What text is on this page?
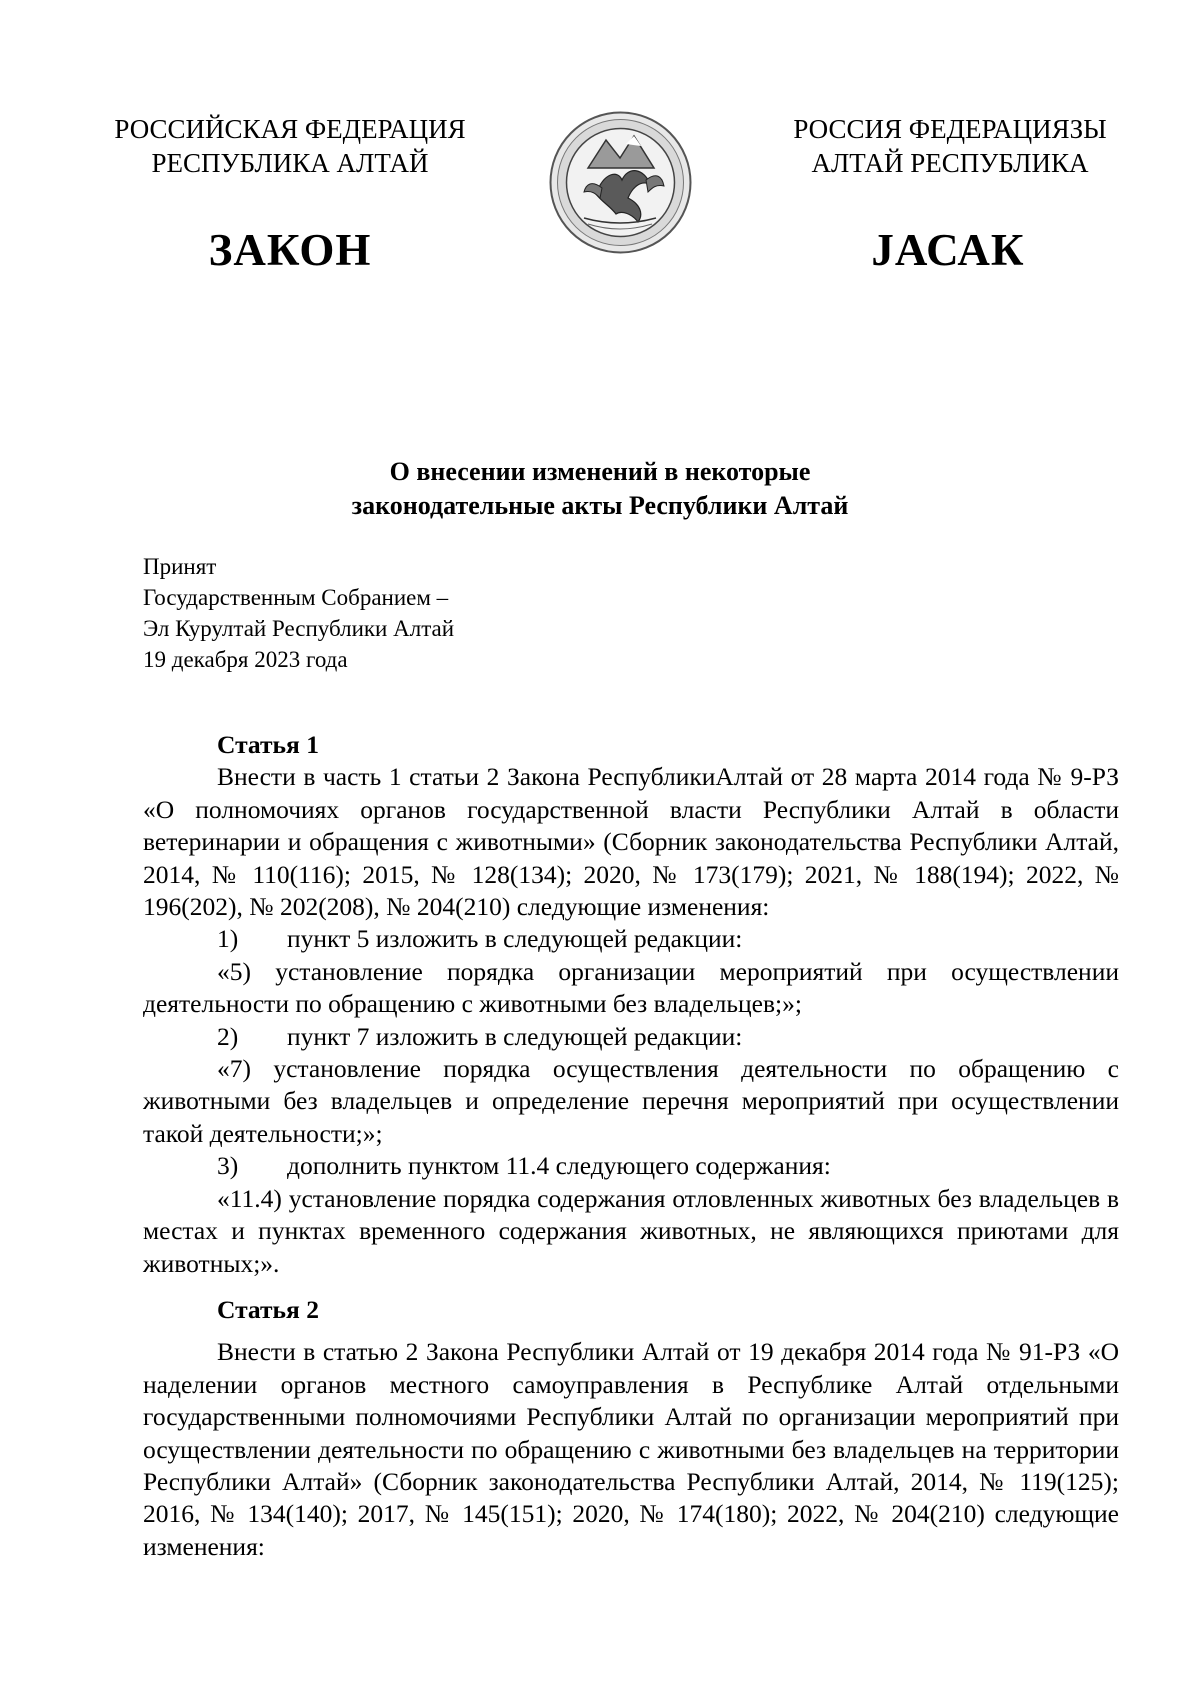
РОССИЙСКАЯ ФЕДЕРАЦИЯ
РЕСПУБЛИКА АЛТАЙ
РОССИЯ ФЕДЕРАЦИЯЗЫ
АЛТАЙ РЕСПУБЛИКА
ЗАКОН	JАСАК
О внесении изменений в некоторые
законодательные акты Республики Алтай
Принят
Государственным Собранием –
Эл Курултай Республики Алтай
19 декабря 2023 года
Статья 1

Внести в часть 1 статьи 2 Закона РеспубликиАлтай от 28 марта 2014 года № 9-РЗ «О полномочиях органов государственной власти Республики Алтай в области ветеринарии и обращения с животными» (Сборник законодательства Республики Алтай, 2014, № 110(116); 2015, № 128(134); 2020, № 173(179); 2021, № 188(194); 2022, № 196(202), № 202(208), № 204(210) следующие изменения:

1) пункт 5 изложить в следующей редакции:

«5) установление порядка организации мероприятий при осуществлении деятельности по обращению с животными без владельцев;»;

2) пункт 7 изложить в следующей редакции:

«7) установление порядка осуществления деятельности по обращению с животными без владельцев и определение перечня мероприятий при осуществлении такой деятельности;»;

3) дополнить пунктом 11.4 следующего содержания:

«11.4) установление порядка содержания отловленных животных без владельцев в местах и пунктах временного содержания животных, не являющихся приютами для животных;».

Статья 2

Внести в статью 2 Закона Республики Алтай от 19 декабря 2014 года № 91-РЗ «О наделении органов местного самоуправления в Республике Алтай отдельными государственными полномочиями Республики Алтай по организации мероприятий при осуществлении деятельности по обращению с животными без владельцев на территории Республики Алтай» (Сборник законодательства Республики Алтай, 2014, № 119(125); 2016, № 134(140); 2017, № 145(151); 2020, № 174(180); 2022, № 204(210) следующие изменения:
